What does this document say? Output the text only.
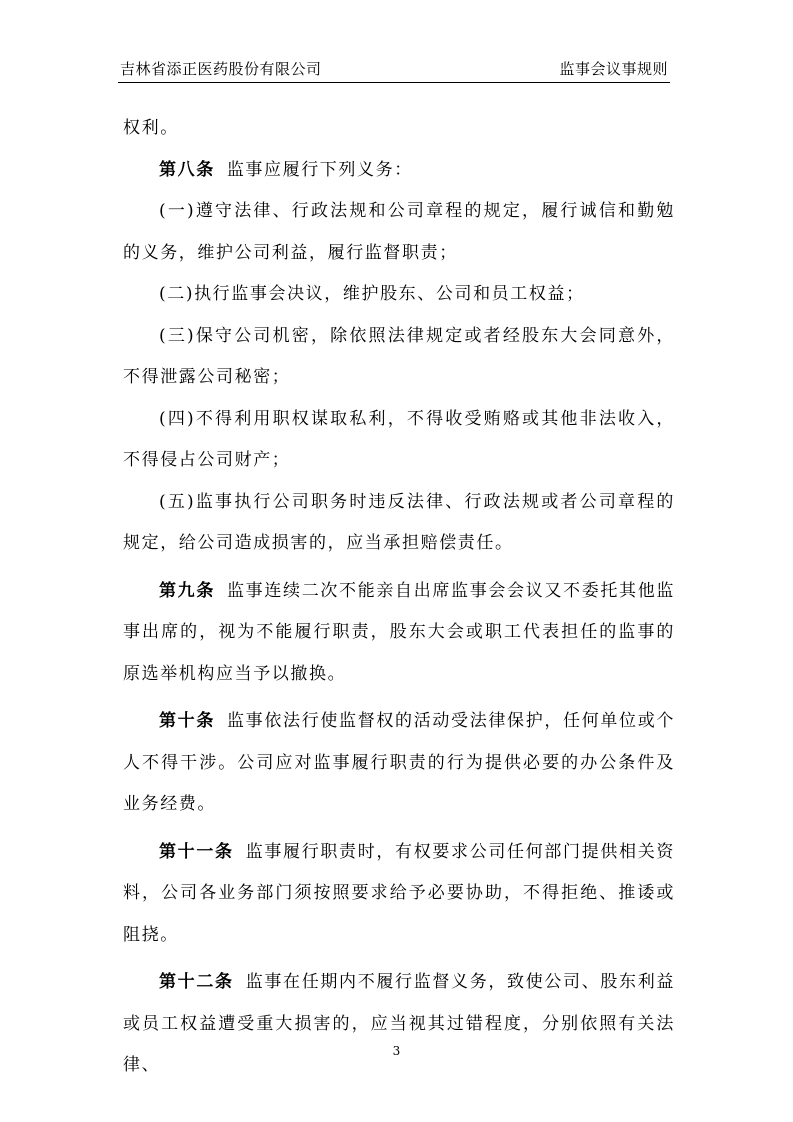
吉林省添正医药股份有限公司	监事会议事规则

权利。

第八条 监事应履行下列义务：

(一)遵守法律、行政法规和公司章程的规定，履行诚信和勤勉的义务，维护公司利益，履行监督职责；

(二)执行监事会决议，维护股东、公司和员工权益；

(三)保守公司机密，除依照法律规定或者经股东大会同意外，不得泄露公司秘密；

(四)不得利用职权谋取私利，不得收受贿赂或其他非法收入，不得侵占公司财产；

(五)监事执行公司职务时违反法律、行政法规或者公司章程的规定，给公司造成损害的，应当承担赔偿责任。

第九条 监事连续二次不能亲自出席监事会会议又不委托其他监事出席的，视为不能履行职责，股东大会或职工代表担任的监事的原选举机构应当予以撤换。

第十条 监事依法行使监督权的活动受法律保护，任何单位或个人不得干涉。公司应对监事履行职责的行为提供必要的办公条件及业务经费。

第十一条 监事履行职责时，有权要求公司任何部门提供相关资料，公司各业务部门须按照要求给予必要协助，不得拒绝、推诿或阻挠。

第十二条 监事在任期内不履行监督义务，致使公司、股东利益或员工权益遭受重大损害的，应当视其过错程度，分别依照有关法律、

3
